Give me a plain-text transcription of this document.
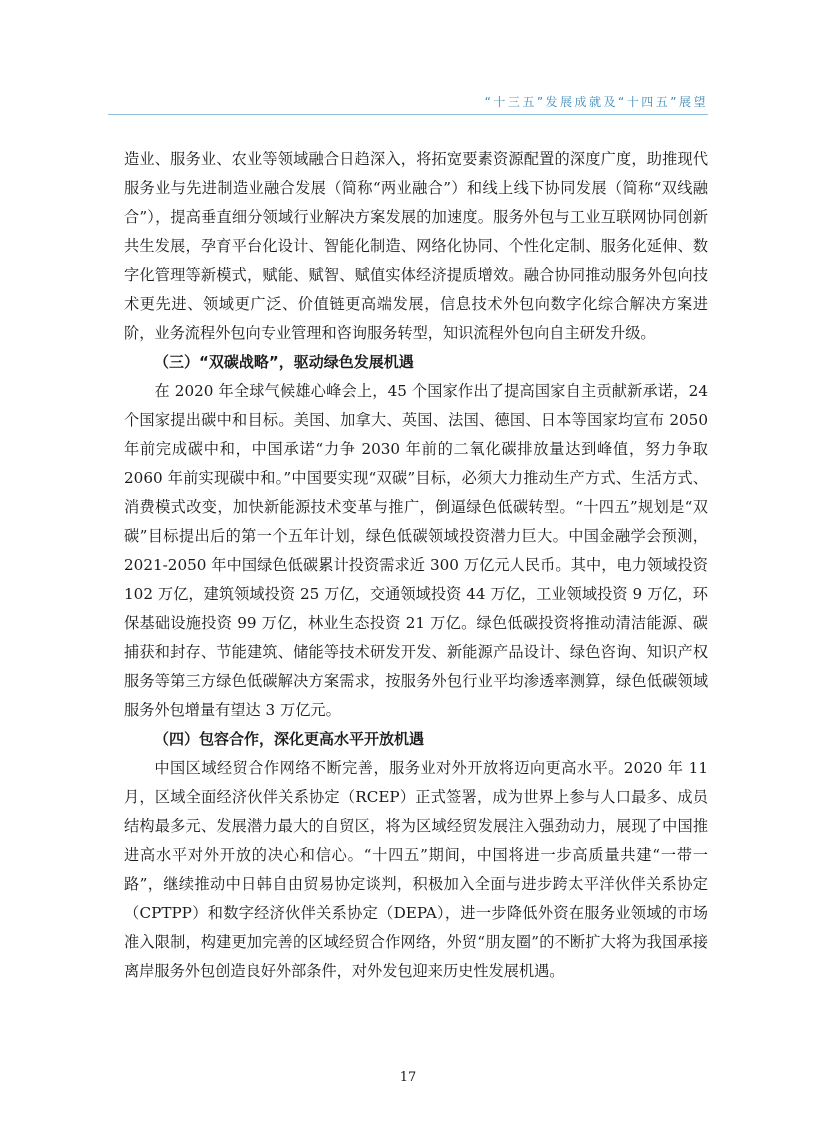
“十三五”发展成就及“十四五”展望

造业、服务业、农业等领域融合日趋深入，将拓宽要素资源配置的深度广度，助推现代服务业与先进制造业融合发展（简称“两业融合”）和线上线下协同发展（简称“双线融合”），提高垂直细分领域行业解决方案发展的加速度。服务外包与工业互联网协同创新共生发展，孕育平台化设计、智能化制造、网络化协同、个性化定制、服务化延伸、数字化管理等新模式，赋能、赋智、赋值实体经济提质增效。融合协同推动服务外包向技术更先进、领域更广泛、价值链更高端发展，信息技术外包向数字化综合解决方案进阶，业务流程外包向专业管理和咨询服务转型，知识流程外包向自主研发升级。

（三）“双碳战略”，驱动绿色发展机遇

在 2020 年全球气候雄心峰会上，45 个国家作出了提高国家自主贡献新承诺，24 个国家提出碳中和目标。美国、加拿大、英国、法国、德国、日本等国家均宣布 2050 年前完成碳中和，中国承诺“力争 2030 年前的二氧化碳排放量达到峰值，努力争取 2060 年前实现碳中和。”中国要实现“双碳”目标，必须大力推动生产方式、生活方式、消费模式改变，加快新能源技术变革与推广，倒逼绿色低碳转型。“十四五”规划是“双碳”目标提出后的第一个五年计划，绿色低碳领域投资潜力巨大。中国金融学会预测，2021-2050 年中国绿色低碳累计投资需求近 300 万亿元人民币。其中，电力领域投资 102 万亿，建筑领域投资 25 万亿，交通领域投资 44 万亿，工业领域投资 9 万亿，环保基础设施投资 99 万亿，林业生态投资 21 万亿。绿色低碳投资将推动清洁能源、碳捕获和封存、节能建筑、储能等技术研发开发、新能源产品设计、绿色咨询、知识产权服务等第三方绿色低碳解决方案需求，按服务外包行业平均渗透率测算，绿色低碳领域服务外包增量有望达 3 万亿元。

（四）包容合作，深化更高水平开放机遇

中国区域经贸合作网络不断完善，服务业对外开放将迈向更高水平。2020 年 11 月，区域全面经济伙伴关系协定（RCEP）正式签署，成为世界上参与人口最多、成员结构最多元、发展潜力最大的自贸区，将为区域经贸发展注入强劲动力，展现了中国推进高水平对外开放的决心和信心。“十四五”期间，中国将进一步高质量共建“一带一路”，继续推动中日韩自由贸易协定谈判，积极加入全面与进步跨太平洋伙伴关系协定（CPTPP）和数字经济伙伴关系协定（DEPA），进一步降低外资在服务业领域的市场准入限制，构建更加完善的区域经贸合作网络，外贸“朋友圈”的不断扩大将为我国承接离岸服务外包创造良好外部条件，对外发包迎来历史性发展机遇。

17
